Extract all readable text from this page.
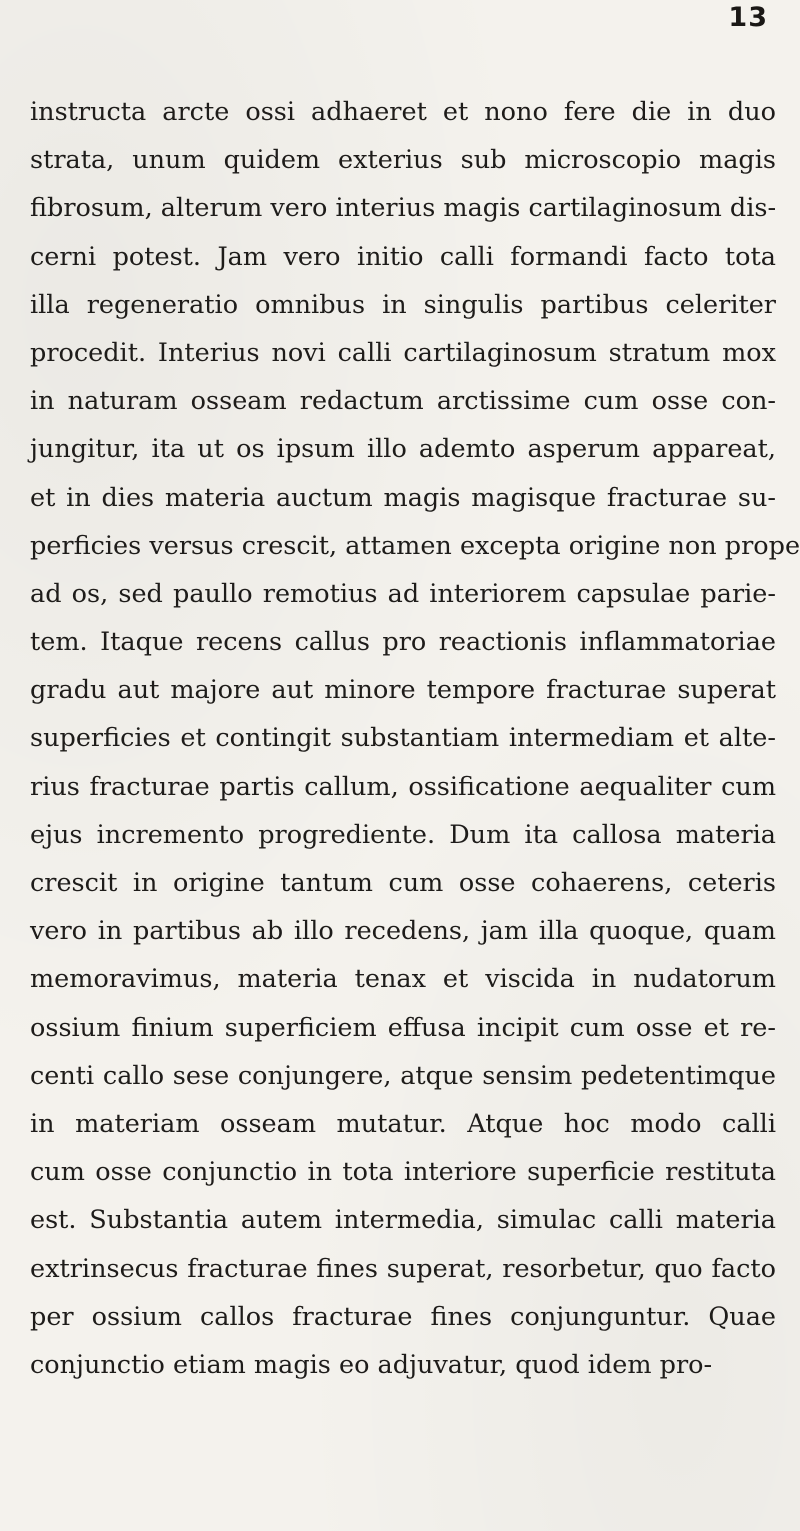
13
instructa arcte ossi adhaeret et nono fere die in duo
strata, unum quidem exterius sub microscopio magis
fibrosum, alterum vero interius magis cartilaginosum dis-
cerni potest. Jam vero initio calli formandi facto tota
illa regeneratio omnibus in singulis partibus celeriter
procedit. Interius novi calli cartilaginosum stratum mox
in naturam osseam redactum arctissime cum osse con-
jungitur, ita ut os ipsum illo ademto asperum appareat,
et in dies materia auctum magis magisque fracturae su-
perficies versus crescit, attamen excepta origine non prope
ad os, sed paullo remotius ad interiorem capsulae parie-
tem. Itaque recens callus pro reactionis inflammatoriae
gradu aut majore aut minore tempore fracturae superat
superficies et contingit substantiam intermediam et alte-
rius fracturae partis callum, ossificatione aequaliter cum
ejus incremento progrediente. Dum ita callosa materia
crescit in origine tantum cum osse cohaerens, ceteris
vero in partibus ab illo recedens, jam illa quoque, quam
memoravimus, materia tenax et viscida in nudatorum
ossium finium superficiem effusa incipit cum osse et re-
centi callo sese conjungere, atque sensim pedetentimque
in materiam osseam mutatur. Atque hoc modo calli
cum osse conjunctio in tota interiore superficie restituta
est. Substantia autem intermedia, simulac calli materia
extrinsecus fracturae fines superat, resorbetur, quo facto
per ossium callos fracturae fines conjunguntur. Quae
conjunctio etiam magis eo adjuvatur, quod idem pro-
